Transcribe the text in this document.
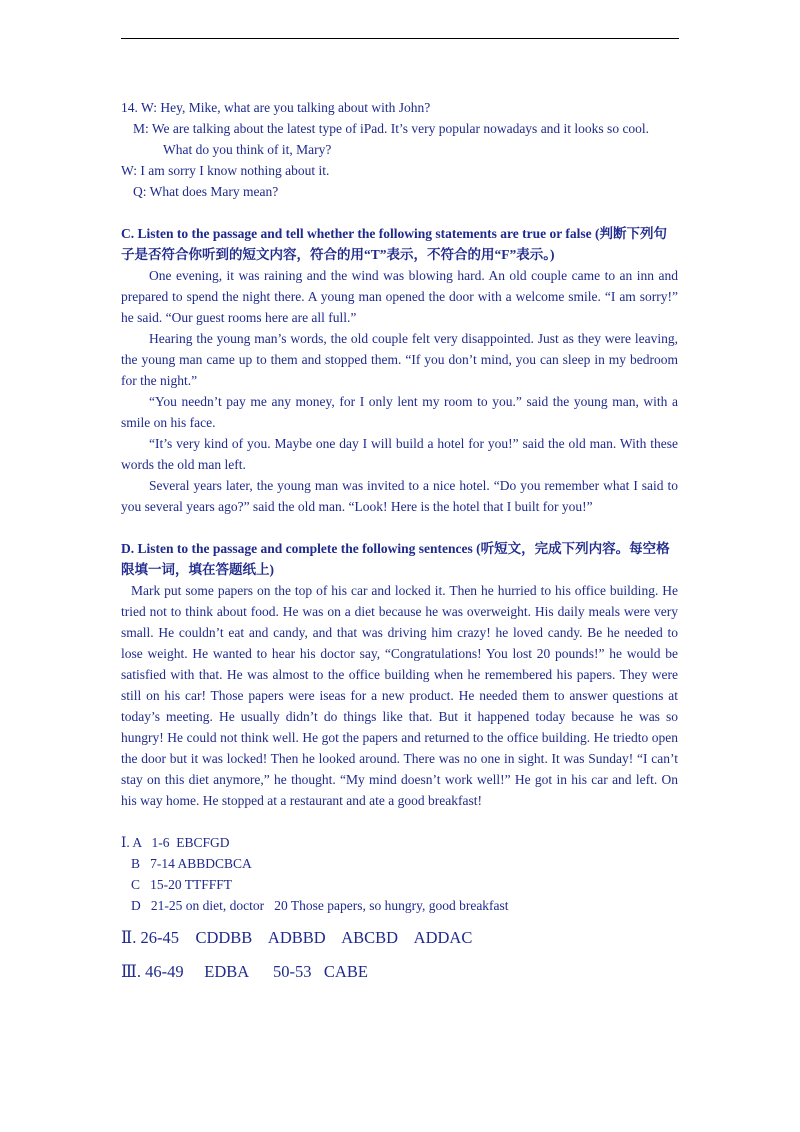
14. W: Hey, Mike, what are you talking about with John?
M: We are talking about the latest type of iPad. It’s very popular nowadays and it looks so cool.
What do you think of it, Mary?
W: I am sorry I know nothing about it.
Q: What does Mary mean?
C. Listen to the passage and tell whether the following statements are true or false (判断下列句子是否符合你听到的短文内容，符合的用“T”表示，不符合的用“F”表示。)

One evening, it was raining and the wind was blowing hard. An old couple came to an inn and prepared to spend the night there. A young man opened the door with a welcome smile. “I am sorry!” he said. “Our guest rooms here are all full.”

Hearing the young man’s words, the old couple felt very disappointed. Just as they were leaving, the young man came up to them and stopped them. “If you don’t mind, you can sleep in my bedroom for the night.”

“You needn’t pay me any money, for I only lent my room to you.” said the young man, with a smile on his face.

“It’s very kind of you. Maybe one day I will build a hotel for you!” said the old man. With these words the old man left.

Several years later, the young man was invited to a nice hotel. “Do you remember what I said to you several years ago?” said the old man. “Look! Here is the hotel that I built for you!”

D. Listen to the passage and complete the following sentences (听短文，完成下列内容。每空格限填一词，填在答题纸上)

Mark put some papers on the top of his car and locked it. Then he hurried to his office building. He tried not to think about food. He was on a diet because he was overweight. His daily meals were very small. He couldn’t eat and candy, and that was driving him crazy! he loved candy. Be he needed to lose weight. He wanted to hear his doctor say, “Congratulations! You lost 20 pounds!” he would be satisfied with that. He was almost to the office building when he remembered his papers. They were still on his car! Those papers were iseas for a new product. He needed them to answer questions at today’s meeting. He usually didn’t do things like that. But it happened today because he was so hungry! He could not think well. He got the papers and returned to the office building. He triedto open the door but it was locked! Then he looked around. There was no one in sight. It was Sunday! “I can’t stay on this diet anymore,” he thought. “My mind doesn’t work well!” He got in his car and left. On his way home. He stopped at a restaurant and ate a good breakfast!

Ⅰ. A   1-6  EBCFGD
B   7-14 ABBDCBCA
C   15-20 TTFFFT
D   21-25 on diet, doctor   20 Those papers, so hungry, good breakfast
Ⅱ. 26-45    CDDBB    ADBBD    ABCBD    ADDAC
Ⅲ. 46-49     EDBA      50-53   CABE
